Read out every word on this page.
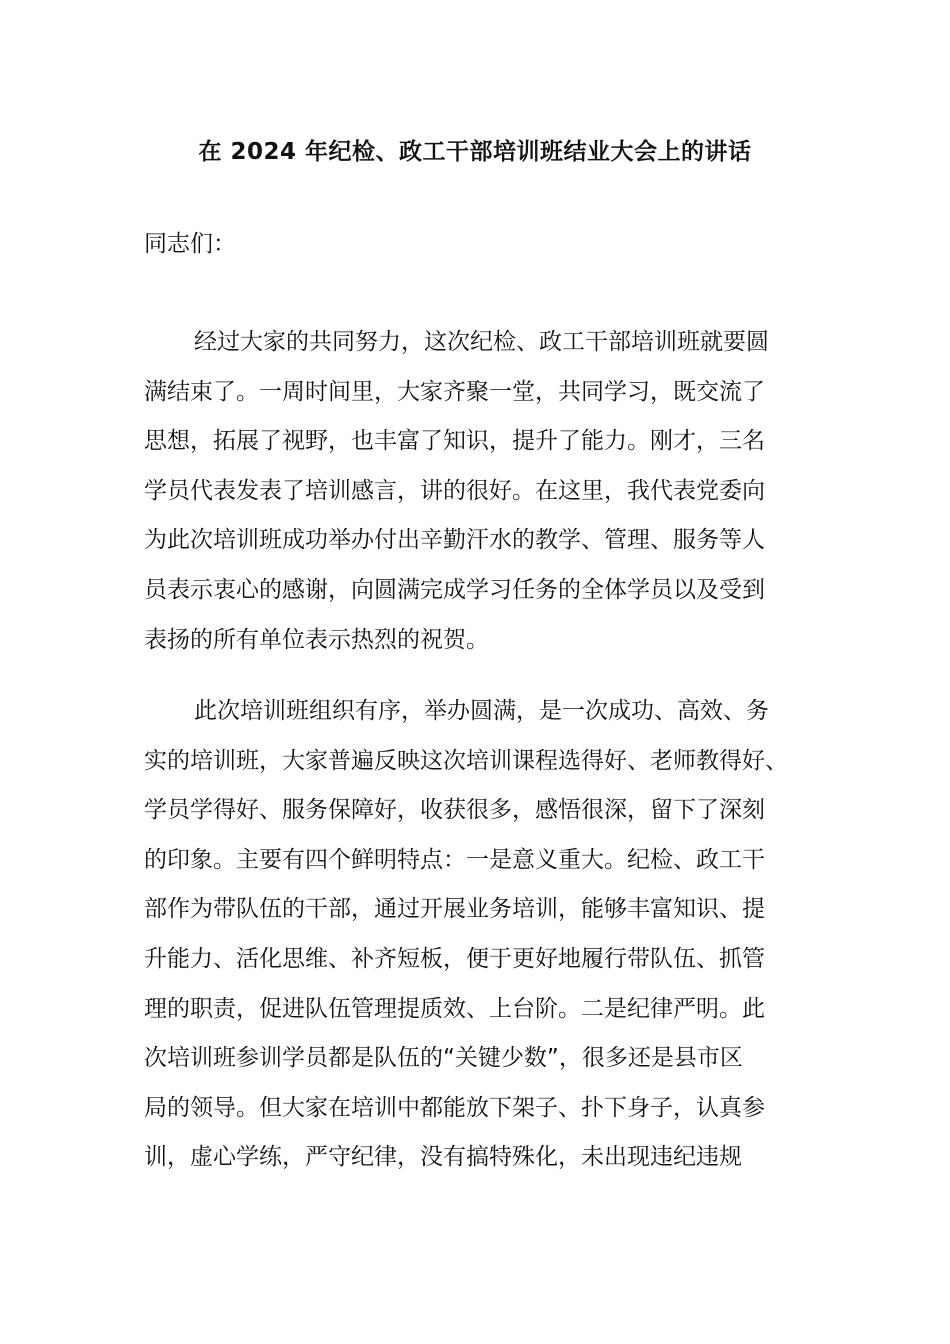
在 2024 年纪检、政工干部培训班结业大会上的讲话
同志们：
经过大家的共同努力，这次纪检、政工干部培训班就要圆
满结束了。一周时间里，大家齐聚一堂，共同学习，既交流了
思想，拓展了视野，也丰富了知识，提升了能力。刚才，三名
学员代表发表了培训感言，讲的很好。在这里，我代表党委向
为此次培训班成功举办付出辛勤汗水的教学、管理、服务等人
员表示衷心的感谢，向圆满完成学习任务的全体学员以及受到
表扬的所有单位表示热烈的祝贺。
此次培训班组织有序，举办圆满，是一次成功、高效、务
实的培训班，大家普遍反映这次培训课程选得好、老师教得好、
学员学得好、服务保障好，收获很多，感悟很深，留下了深刻
的印象。主要有四个鲜明特点：一是意义重大。纪检、政工干
部作为带队伍的干部，通过开展业务培训，能够丰富知识、提
升能力、活化思维、补齐短板，便于更好地履行带队伍、抓管
理的职责，促进队伍管理提质效、上台阶。二是纪律严明。此
次培训班参训学员都是队伍的“关键少数”，很多还是县市区
局的领导。但大家在培训中都能放下架子、扑下身子，认真参
训，虚心学练，严守纪律，没有搞特殊化，未出现违纪违规
